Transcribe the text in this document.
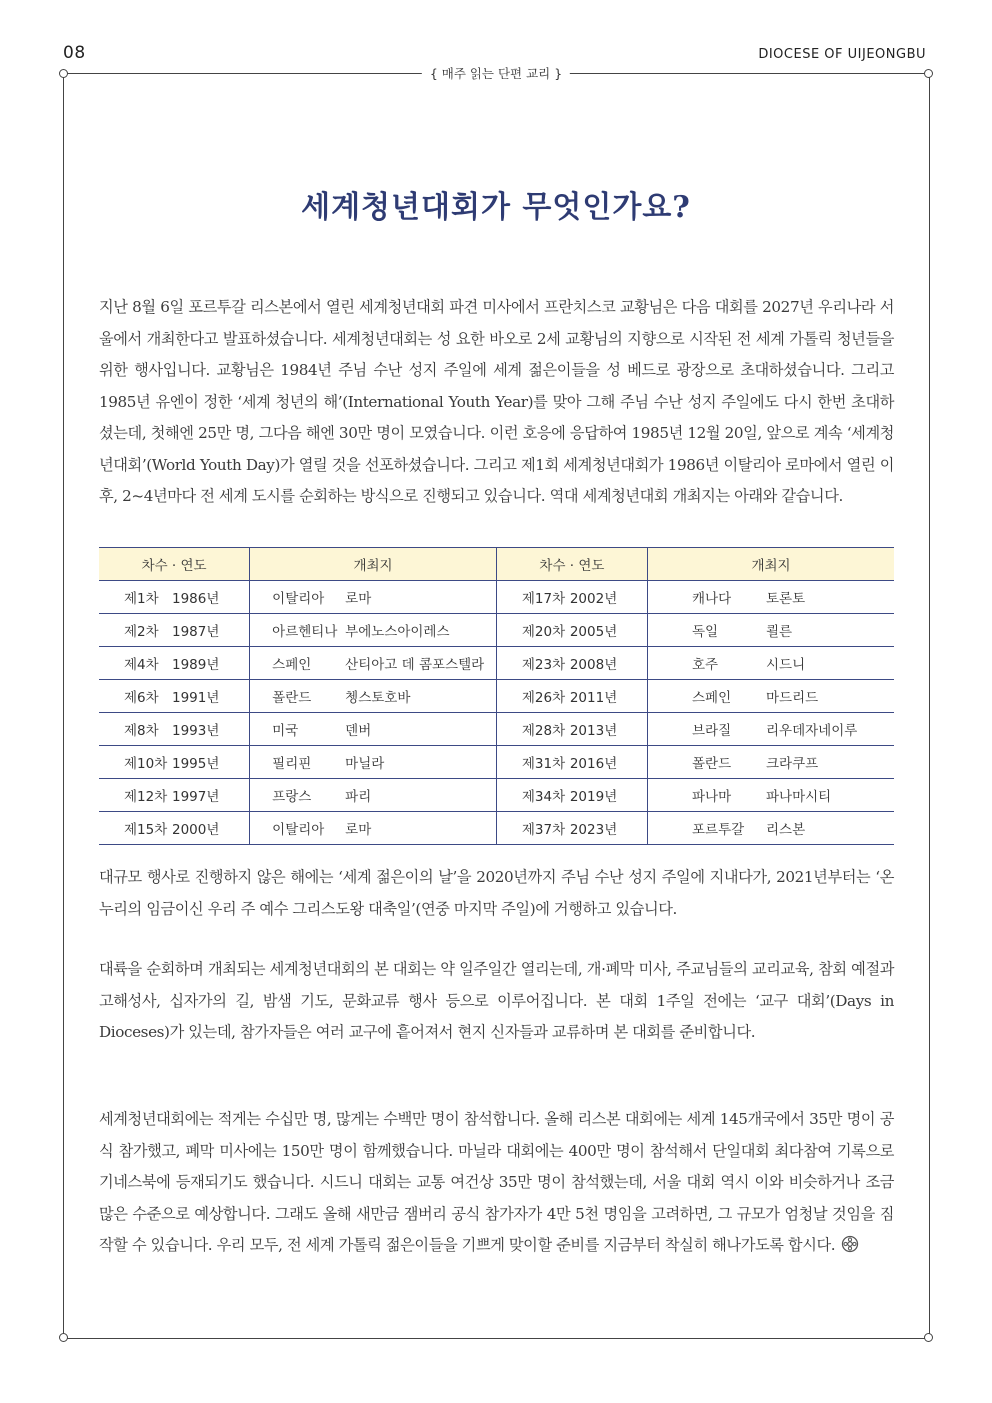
08	DIOCESE OF UIJEONGBU
{ 매주 읽는 단편 교리 }
세계청년대회가 무엇인가요?

지난 8월 6일 포르투갈 리스본에서 열린 세계청년대회 파견 미사에서 프란치스코 교황님은 다음 대회를 2027년 우리나라 서울에서 개최한다고 발표하셨습니다. 세계청년대회는 성 요한 바오로 2세 교황님의 지향으로 시작된 전 세계 가톨릭 청년들을 위한 행사입니다. 교황님은 1984년 주님 수난 성지 주일에 세계 젊은이들을 성 베드로 광장으로 초대하셨습니다. 그리고 1985년 유엔이 정한 ‘세계 청년의 해’(International Youth Year)를 맞아 그해 주님 수난 성지 주일에도 다시 한번 초대하셨는데, 첫해엔 25만 명, 그다음 해엔 30만 명이 모였습니다. 이런 호응에 응답하여 1985년 12월 20일, 앞으로 계속 ‘세계청년대회’(World Youth Day)가 열릴 것을 선포하셨습니다. 그리고 제1회 세계청년대회가 1986년 이탈리아 로마에서 열린 이후, 2~4년마다 전 세계 도시를 순회하는 방식으로 진행되고 있습니다. 역대 세계청년대회 개최지는 아래와 같습니다.

차수 · 연도	개최지	차수 · 연도	개최지
제1차 1986년	이탈리아 로마	제17차 2002년	캐나다 토론토
제2차 1987년	아르헨티나 부에노스아이레스	제20차 2005년	독일 쾰른
제4차 1989년	스페인 산티아고 데 콤포스텔라	제23차 2008년	호주 시드니
제6차 1991년	폴란드 쳉스토호바	제26차 2011년	스페인 마드리드
제8차 1993년	미국 덴버	제28차 2013년	브라질 리우데자네이루
제10차 1995년	필리핀 마닐라	제31차 2016년	폴란드 크라쿠프
제12차 1997년	프랑스 파리	제34차 2019년	파나마 파나마시티
제15차 2000년	이탈리아 로마	제37차 2023년	포르투갈 리스본

대규모 행사로 진행하지 않은 해에는 ‘세계 젊은이의 날’을 2020년까지 주님 수난 성지 주일에 지내다가, 2021년부터는 ‘온 누리의 임금이신 우리 주 예수 그리스도왕 대축일’(연중 마지막 주일)에 거행하고 있습니다.

대륙을 순회하며 개최되는 세계청년대회의 본 대회는 약 일주일간 열리는데, 개·폐막 미사, 주교님들의 교리교육, 참회 예절과 고해성사, 십자가의 길, 밤샘 기도, 문화교류 행사 등으로 이루어집니다. 본 대회 1주일 전에는 ‘교구 대회’(Days in Dioceses)가 있는데, 참가자들은 여러 교구에 흩어져서 현지 신자들과 교류하며 본 대회를 준비합니다.

세계청년대회에는 적게는 수십만 명, 많게는 수백만 명이 참석합니다. 올해 리스본 대회에는 세계 145개국에서 35만 명이 공식 참가했고, 폐막 미사에는 150만 명이 함께했습니다. 마닐라 대회에는 400만 명이 참석해서 단일대회 최다참여 기록으로 기네스북에 등재되기도 했습니다. 시드니 대회는 교통 여건상 35만 명이 참석했는데, 서울 대회 역시 이와 비슷하거나 조금 많은 수준으로 예상합니다. 그래도 올해 새만금 잼버리 공식 참가자가 4만 5천 명임을 고려하면, 그 규모가 엄청날 것임을 짐작할 수 있습니다. 우리 모두, 전 세계 가톨릭 젊은이들을 기쁘게 맞이할 준비를 지금부터 착실히 해나가도록 합시다.
